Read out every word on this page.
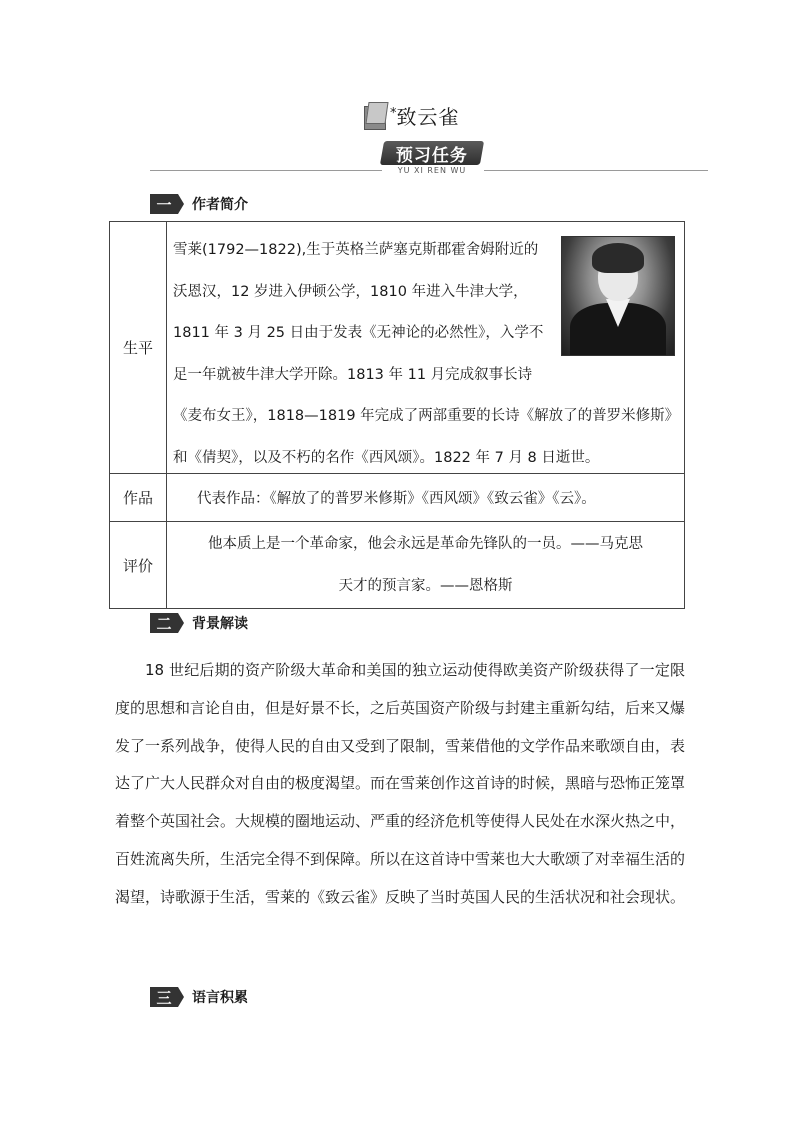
* 致云雀
预习任务
YU XI REN WU
一	作者简介
生平	雪莱(1792—1822),生于英格兰萨塞克斯郡霍舍姆附近的沃恩汉，12 岁进入伊顿公学，1810 年进入牛津大学，1811 年 3 月 25 日由于发表《无神论的必然性》，入学不足一年就被牛津大学开除。1813 年 11 月完成叙事长诗《麦布女王》，1818—1819 年完成了两部重要的长诗《解放了的普罗米修斯》和《倩契》，以及不朽的名作《西风颂》。1822 年 7 月 8 日逝世。

作品	代表作品：《解放了的普罗米修斯》《西风颂》《致云雀》《云》。
评价	他本质上是一个革命家，他会永远是革命先锋队的一员。——马克思
天才的预言家。——恩格斯
二	背景解读
18 世纪后期的资产阶级大革命和美国的独立运动使得欧美资产阶级获得了一定限度的思想和言论自由，但是好景不长，之后英国资产阶级与封建主重新勾结，后来又爆发了一系列战争，使得人民的自由又受到了限制，雪莱借他的文学作品来歌颂自由，表达了广大人民群众对自由的极度渴望。而在雪莱创作这首诗的时候，黑暗与恐怖正笼罩着整个英国社会。大规模的圈地运动、严重的经济危机等使得人民处在水深火热之中，百姓流离失所，生活完全得不到保障。所以在这首诗中雪莱也大大歌颂了对幸福生活的渴望，诗歌源于生活，雪莱的《致云雀》反映了当时英国人民的生活状况和社会现状。
三	语言积累
